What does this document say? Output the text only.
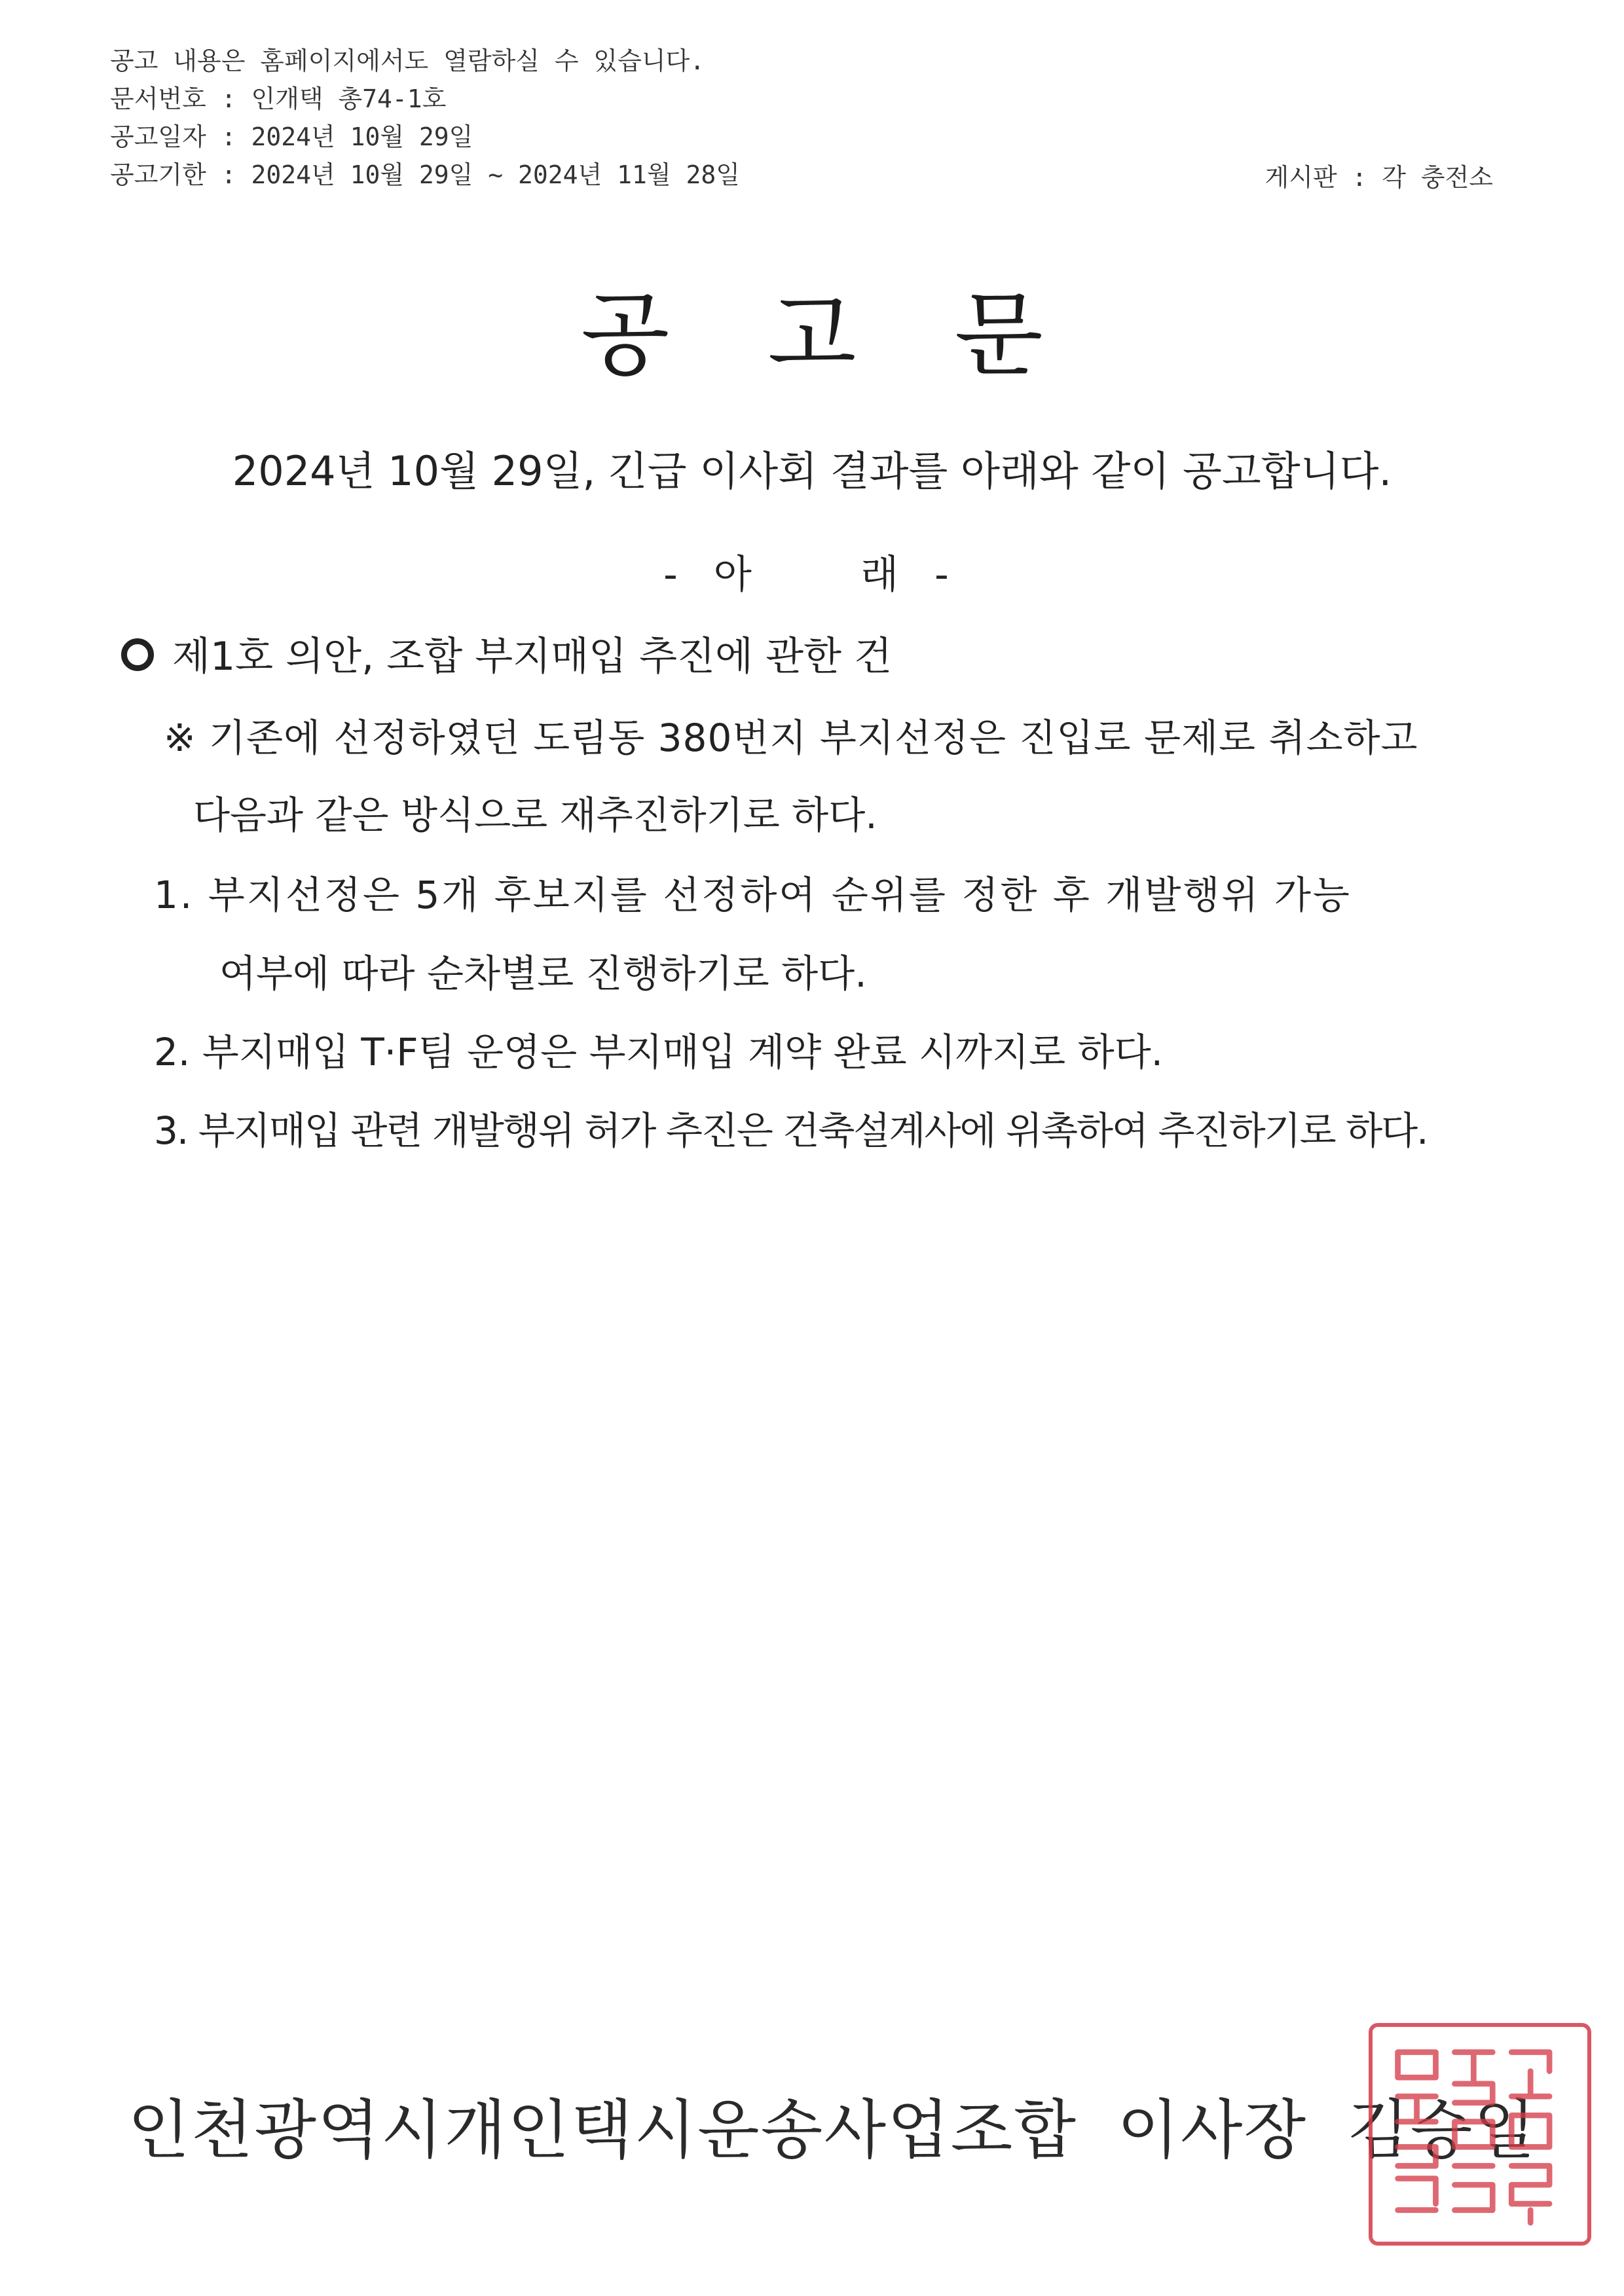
공고 내용은 홈페이지에서도 열람하실 수 있습니다.
문서번호 : 인개택 총74-1호
공고일자 : 2024년 10월 29일
공고기한 : 2024년 10월 29일 ~ 2024년 11월 28일	게시판 : 각 충전소
공고문
2024년 10월 29일, 긴급 이사회 결과를 아래와 같이 공고합니다.
- 아    래 -
제1호 의안, 조합 부지매입 추진에 관한 건
※ 기존에 선정하였던 도림동 380번지 부지선정은 진입로 문제로 취소하고
다음과 같은 방식으로 재추진하기로 하다.
1. 부지선정은 5개 후보지를 선정하여 순위를 정한 후 개발행위 가능
여부에 따라 순차별로 진행하기로 하다.
2. 부지매입 T·F팀 운영은 부지매입 계약 완료 시까지로 하다.
3. 부지매입 관련 개발행위 허가 추진은 건축설계사에 위촉하여 추진하기로 하다.
인천광역시개인택시운송사업조합 이사장 김승일
